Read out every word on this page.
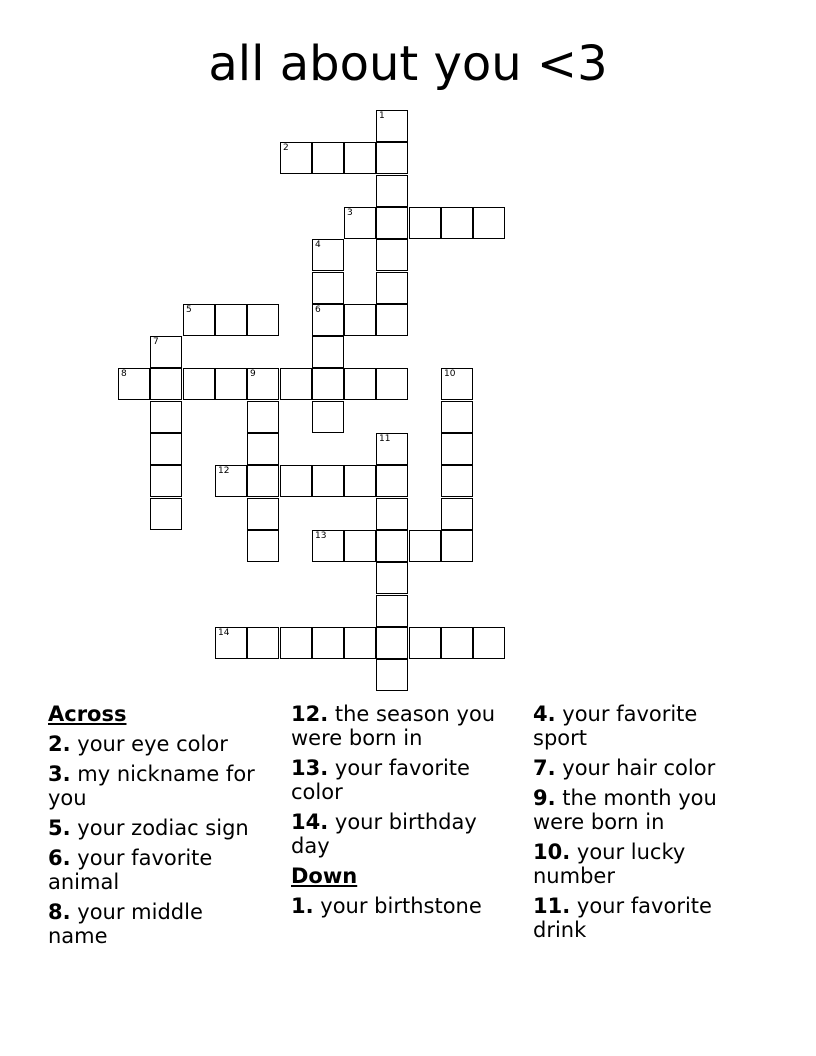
all about you <3
1
2
3
4
6
5
7
8	9	10
11
12
13
14
Across
2. your eye color
3. my nickname for you
5. your zodiac sign
6. your favorite animal
8. your middle name
12. the season you were born in
13. your favorite color
14. your birthday day
Down
1. your birthstone
4. your favorite sport
7. your hair color
9. the month you were born in
10. your lucky number
11. your favorite drink
